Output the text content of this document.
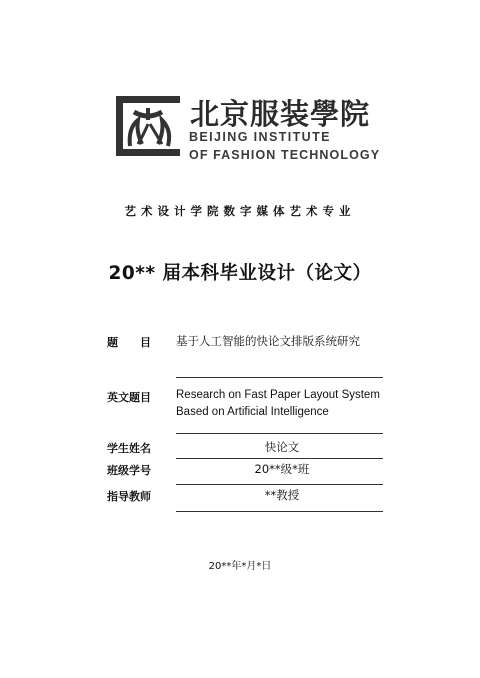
北京服装學院
BEIJING INSTITUTE
OF FASHION TECHNOLOGY
艺术设计学院数字媒体艺术专业
20** 届本科毕业设计（论文）
题　　目	基于人工智能的快论文排版系统研究
英文题目	Research on Fast Paper Layout System Based on Artificial Intelligence
学生姓名	快论文
班级学号	20**级*班
指导教师	**教授
20**年*月*日
